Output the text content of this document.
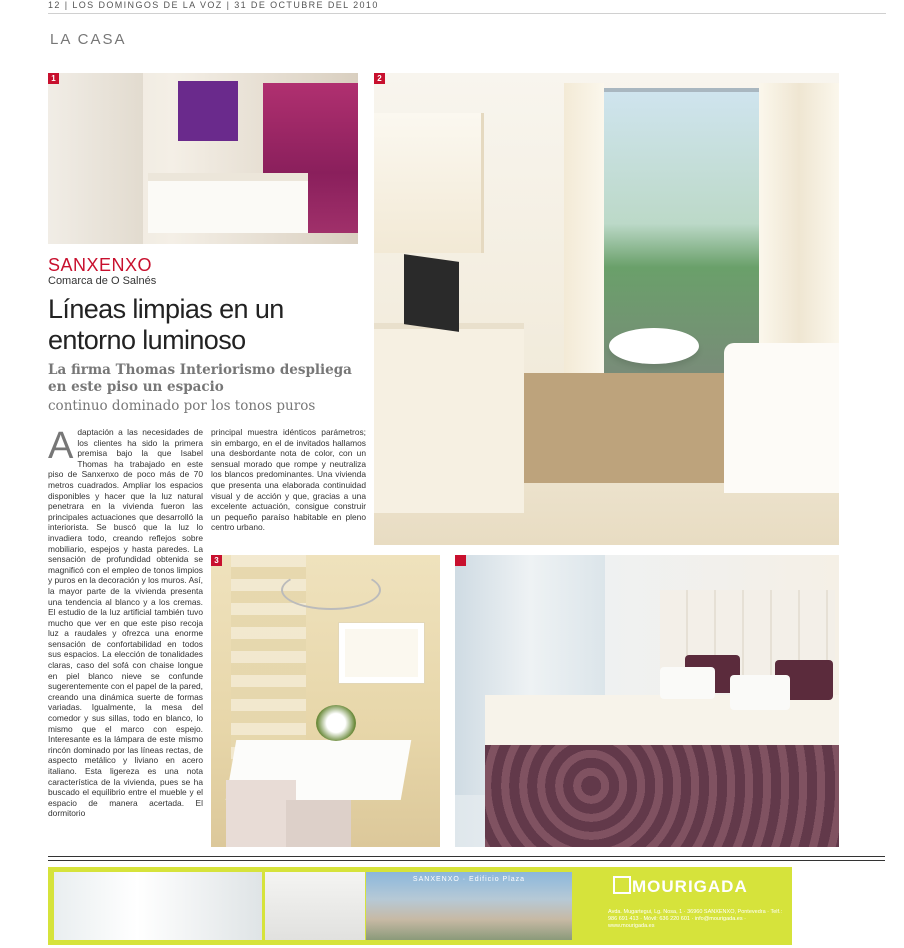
12 | LOS DOMINGOS DE LA VOZ | 31 DE OCTUBRE DEL 2010
LA CASA
1	2
SANXENXO
Comarca de O Salnés
Líneas limpias en un entorno luminoso
La firma Thomas Interiorismo despliega en este piso un espacio
continuo dominado por los tonos puros
Adaptación a las necesidades de los clientes ha sido la primera premisa bajo la que Isabel Thomas ha trabajado en este piso de Sanxenxo de poco más de 70 metros cuadrados. Ampliar los espacios disponibles y hacer que la luz natural penetrara en la vivienda fueron las principales actuaciones que desarrolló la interiorista. Se buscó que la luz lo invadiera todo, creando reflejos sobre mobiliario, espejos y hasta paredes. La sensación de profundidad obtenida se magnificó con el empleo de tonos limpios y puros en la decoración y los muros. Así, la mayor parte de la vivienda presenta una tendencia al blanco y a los cremas. El estudio de la luz artificial también tuvo mucho que ver en que este piso recoja luz a raudales y ofrezca una enorme sensación de confortabilidad en todos sus espacios. La elección de tonalidades claras, caso del sofá con chaise longue en piel blanco nieve se confunde sugerentemente con el papel de la pared, creando una dinámica suerte de formas variadas. Igualmente, la mesa del comedor y sus sillas, todo en blanco, lo mismo que el marco con espejo. Interesante es la lámpara de este mismo rincón dominado por las líneas rectas, de aspecto metálico y liviano en acero italiano. Esta ligereza es una nota característica de la vivienda, pues se ha buscado el equilibrio entre el mueble y el espacio de manera acertada. El dormitorio
principal muestra idénticos parámetros; sin embargo, en el de invitados hallamos una desbordante nota de color, con un sensual morado que rompe y neutraliza los blancos predominantes. Una vivienda que presenta una elaborada continuidad visual y de acción y que, gracias a una excelente actuación, consigue construir un pequeño paraíso habitable en pleno centro urbano.
3
SANXENXO · Edificio Plaza	MOURIGADA
Avda. Mugartegui, Lg. Nosa, 1 · 36960 SANXENXO, Pontevedra · Telf.: 986 691 413 · Móvil: 636 220 601 · info@mourigada.es · www.mourigada.es
